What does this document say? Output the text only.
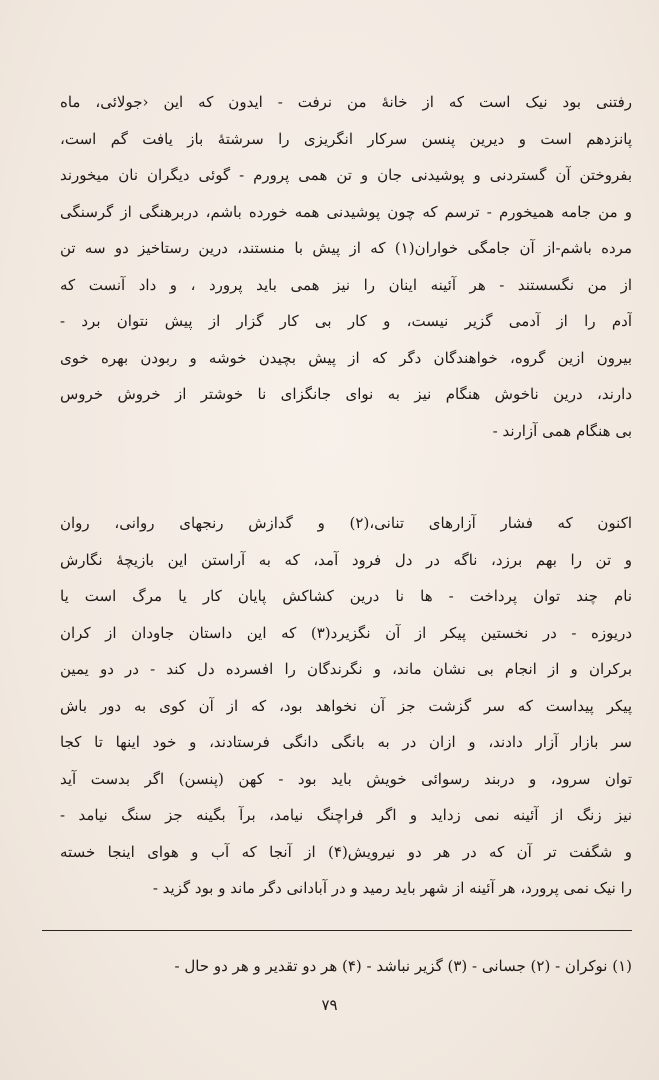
رفتنی بود نیک است که از خانهٔ من نرفت - ایدون که این ‹جولائی، ماه
پانزدهم است و دیرین پنسن سرکار انگریزی را سرشتهٔ باز یافت گم است،
بفروختن آن گستردنی و پوشیدنی جان و تن همی پرورم - گوئی دیگران نان میخورند
و من جامه همیخورم - ترسم که چون پوشیدنی همه خورده باشم، دربرهنگی از گرسنگی
مرده باشم-از آن جامگی خواران(۱) که از پیش با منستند، درین رستاخیز دو سه تن
از من نگسستند - هر آئینه اینان را نیز همی باید پرورد ، و داد آنست که
آدم را از آدمی گزیر نیست، و کار بی کار گزار از پیش نتوان برد -
بیرون ازین گروه، خواهندگان دگر که از پیش بچیدن خوشه و ربودن بهره خوی
دارند، درین ناخوش هنگام نیز به نوای جانگزای نا خوشتر از خروش خروس
بی هنگام همی آزارند -
اکنون که فشار آزارهای تنانی،(۲) و گدازش رنجهای روانی، روان
و تن را بهم برزد، ناگه در دل فرود آمد، که به آراستن این بازیچهٔ نگارش
نام چند توان پرداخت - ها نا درین کشاکش پایان کار یا مرگ است یا
دریوزه - در نخستین پیکر از آن نگزیرد(۳) که این داستان جاودان از کران
برکران و از انجام بی نشان ماند، و نگرندگان را افسرده دل کند - در دو یمین
پیکر پیداست که سر گزشت جز آن نخواهد بود، که از آن کوی به دور باش
سر بازار آزار دادند، و ازان در به بانگی دانگی فرستادند، و خود اینها تا کجا
توان سرود، و دربند رسوائی خویش باید بود - کهن (پنسن) اگر بدست آید
نیز زنگ از آئینه نمی زداید و اگر فراچنگ نیامد، برآ بگینه جز سنگ نیامد -
و شگفت تر آن که در هر دو نیرویش(۴) از آنجا که آب و هوای اینجا خسته
را نیک نمی پرورد، هر آئینه از شهر باید رمید و در آبادانی دگر ماند و بود گزید -
(۱) نوکران - (۲) جسانی - (۳) گزیر نباشد - (۴) هر دو تقدیر و هر دو حال -
۷۹
